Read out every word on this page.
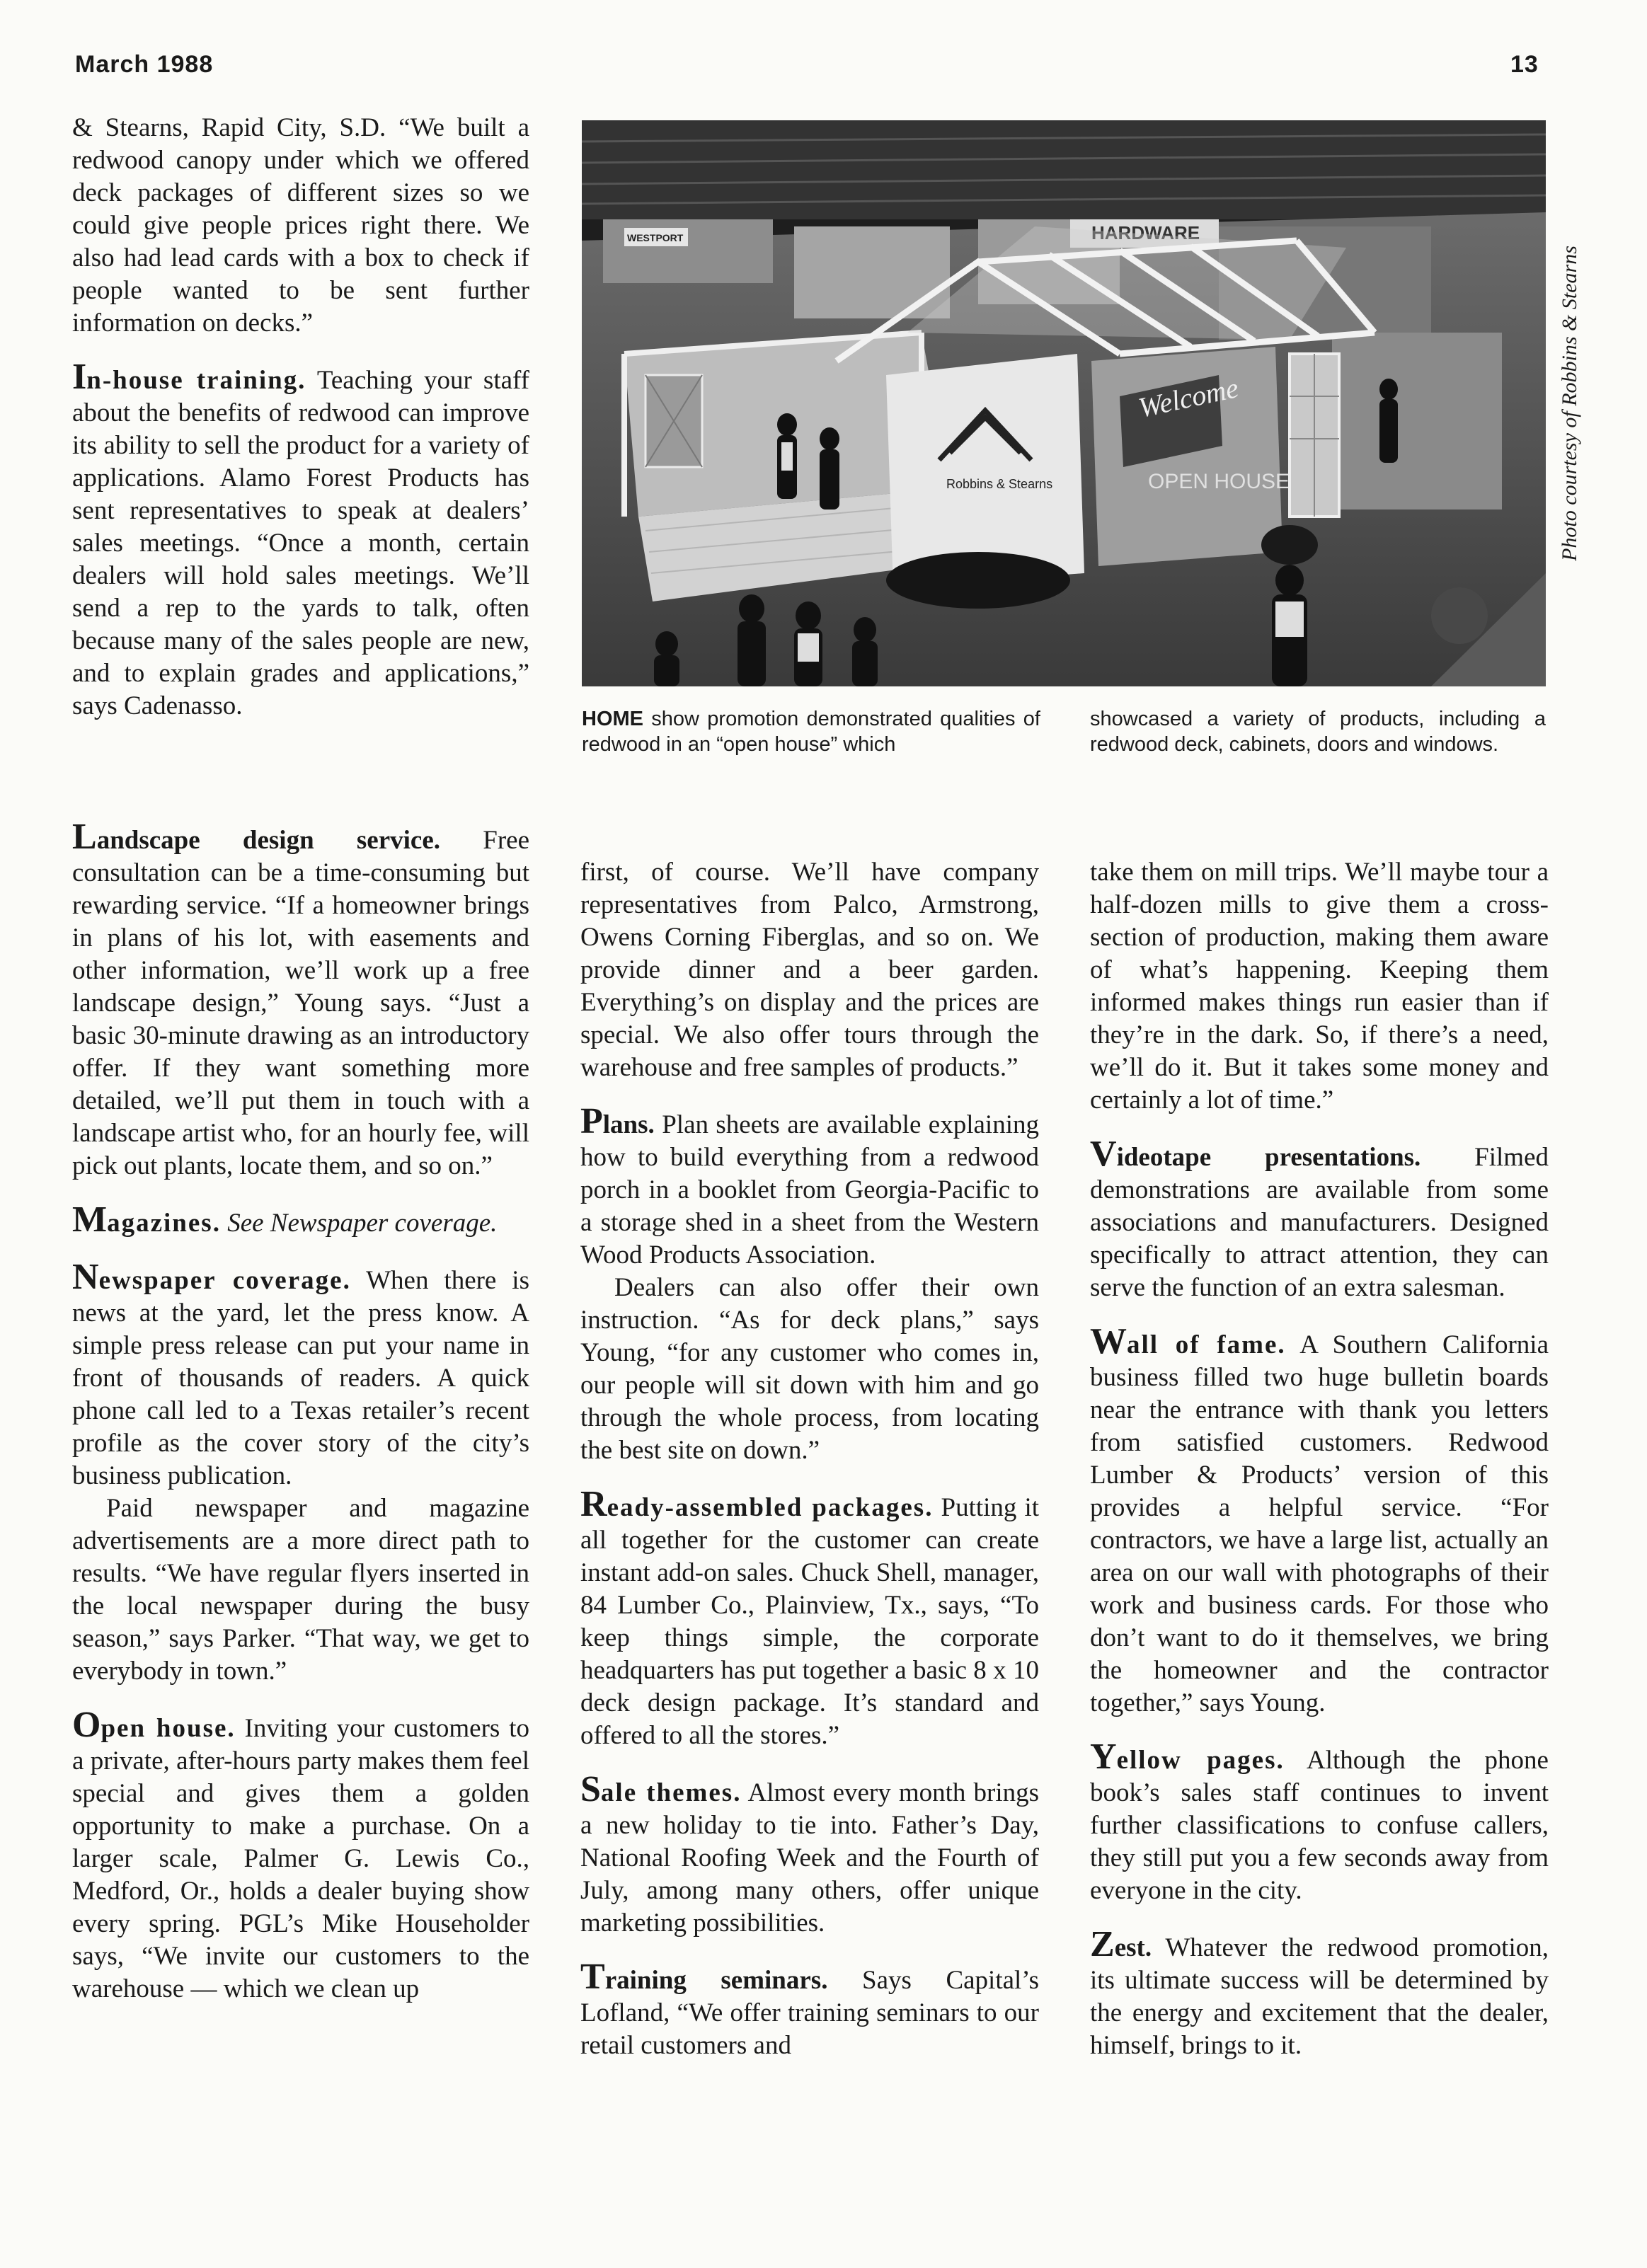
March 1988	13
WESTPORT	HARDWARE
Robbins & Stearns
Welcome
OPEN HOUSE	Photo courtesy of Robbins & Stearns
HOME show promotion demonstrated qualities of redwood in an “open house” which
showcased a variety of products, including a redwood deck, cabinets, doors and windows.

& Stearns, Rapid City, S.D. “We built a redwood canopy under which we offered deck packages of different sizes so we could give people prices right there. We also had lead cards with a box to check if people wanted to be sent further information on decks.”

In-house training. Teaching your staff about the benefits of redwood can improve its ability to sell the product for a variety of applications. Alamo Forest Products has sent representatives to speak at dealers’ sales meetings. “Once a month, certain dealers will hold sales meetings. We’ll send a rep to the yards to talk, often because many of the sales people are new, and to explain grades and applications,” says Cadenasso.

Landscape design service. Free consultation can be a time-consuming but rewarding service. “If a homeowner brings in plans of his lot, with easements and other information, we’ll work up a free landscape design,” Young says. “Just a basic 30-minute drawing as an introductory offer. If they want something more detailed, we’ll put them in touch with a landscape artist who, for an hourly fee, will pick out plants, locate them, and so on.”

Magazines. See Newspaper coverage.

Newspaper coverage. When there is news at the yard, let the press know. A simple press release can put your name in front of thousands of readers. A quick phone call led to a Texas retailer’s recent profile as the cover story of the city’s business publication.

Paid newspaper and magazine advertisements are a more direct path to results. “We have regular flyers inserted in the local newspaper during the busy season,” says Parker. “That way, we get to everybody in town.”

Open house. Inviting your customers to a private, after-hours party makes them feel special and gives them a golden opportunity to make a purchase. On a larger scale, Palmer G. Lewis Co., Medford, Or., holds a dealer buying show every spring. PGL’s Mike Householder says, “We invite our customers to the warehouse — which we clean up

first, of course. We’ll have company representatives from Palco, Armstrong, Owens Corning Fiberglas, and so on. We provide dinner and a beer garden. Everything’s on display and the prices are special. We also offer tours through the warehouse and free samples of products.”

Plans. Plan sheets are available explaining how to build everything from a redwood porch in a booklet from Georgia-Pacific to a storage shed in a sheet from the Western Wood Products Association.

Dealers can also offer their own instruction. “As for deck plans,” says Young, “for any customer who comes in, our people will sit down with him and go through the whole process, from locating the best site on down.”

Ready-assembled packages. Putting it all together for the customer can create instant add-on sales. Chuck Shell, manager, 84 Lumber Co., Plainview, Tx., says, “To keep things simple, the corporate headquarters has put together a basic 8 x 10 deck design package. It’s standard and offered to all the stores.”

Sale themes. Almost every month brings a new holiday to tie into. Father’s Day, National Roofing Week and the Fourth of July, among many others, offer unique marketing possibilities.

Training seminars. Says Capital’s Lofland, “We offer training seminars to our retail customers and

take them on mill trips. We’ll maybe tour a half-dozen mills to give them a cross-section of production, making them aware of what’s happening. Keeping them informed makes things run easier than if they’re in the dark. So, if there’s a need, we’ll do it. But it takes some money and certainly a lot of time.”

Videotape presentations. Filmed demonstrations are available from some associations and manufacturers. Designed specifically to attract attention, they can serve the function of an extra salesman.

Wall of fame. A Southern California business filled two huge bulletin boards near the entrance with thank you letters from satisfied customers. Redwood Lumber & Products’ version of this provides a helpful service. “For contractors, we have a large list, actually an area on our wall with photographs of their work and business cards. For those who don’t want to do it themselves, we bring the homeowner and the contractor together,” says Young.

Yellow pages. Although the phone book’s sales staff continues to invent further classifications to confuse callers, they still put you a few seconds away from everyone in the city.

Zest. Whatever the redwood promotion, its ultimate success will be determined by the energy and excitement that the dealer, himself, brings to it.
